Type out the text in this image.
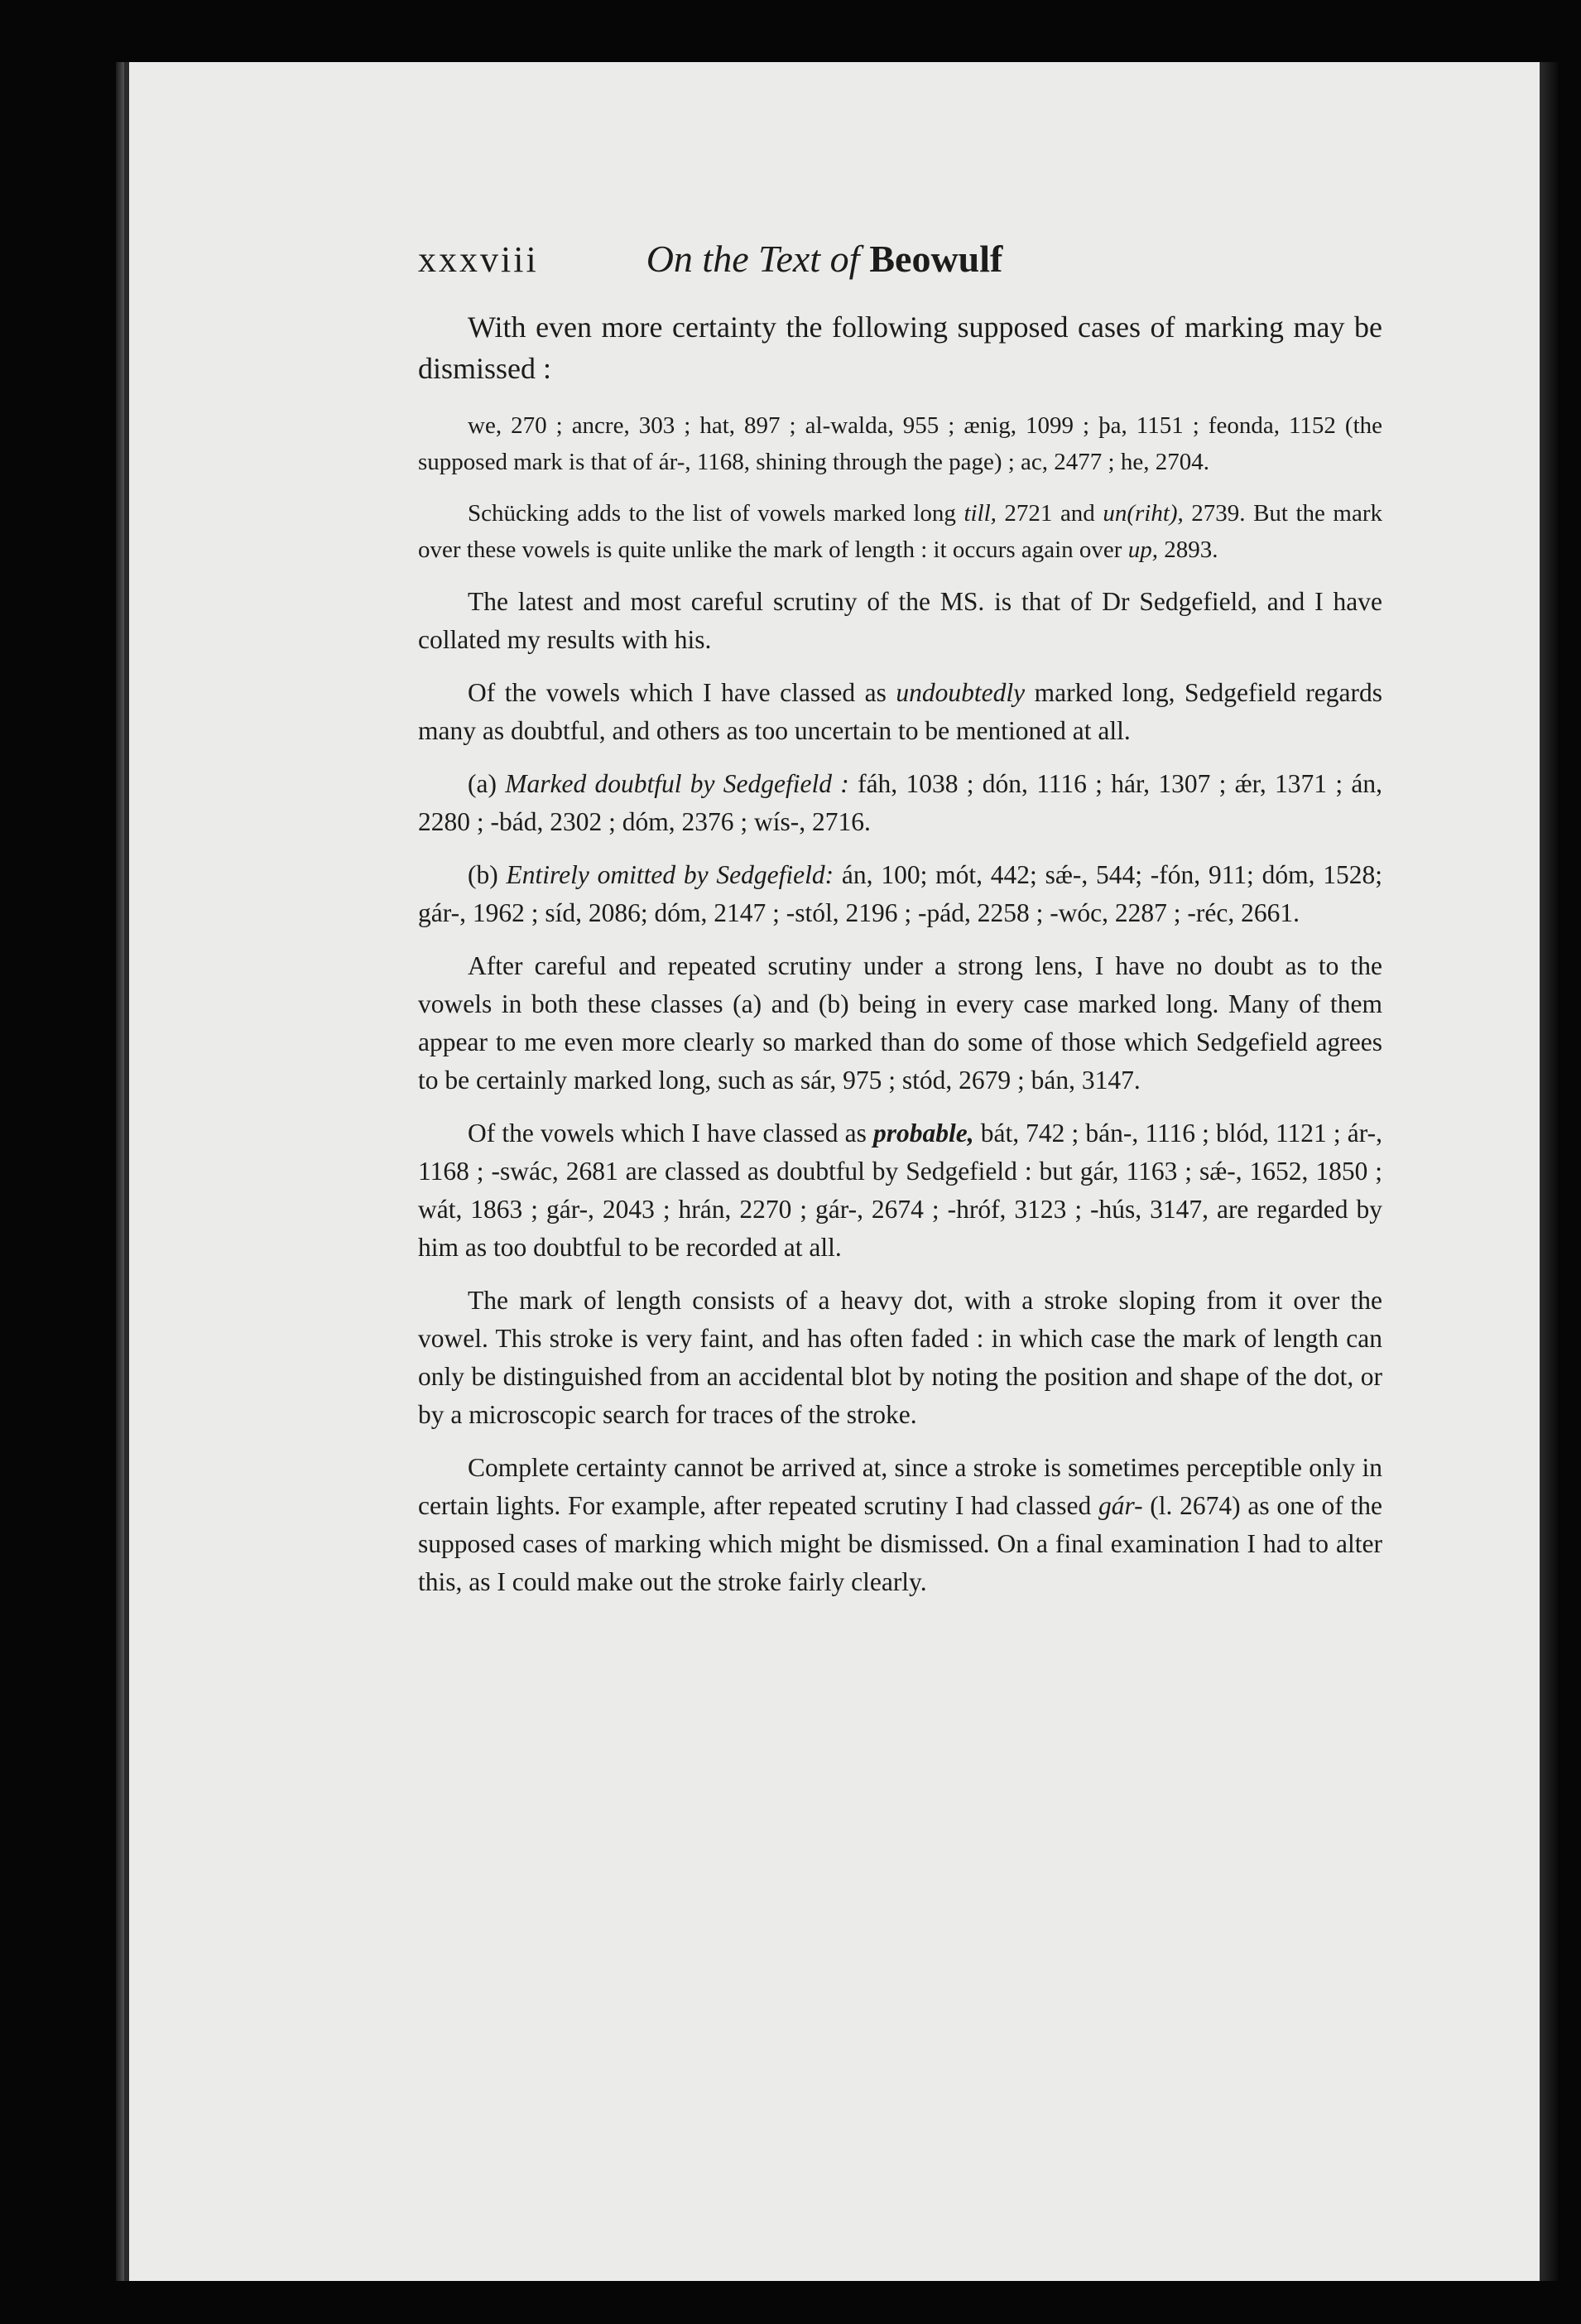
xxxviii	On the Text of Beowulf

With even more certainty the following supposed cases of marking may be dismissed :

we, 270 ; ancre, 303 ; hat, 897 ; al-walda, 955 ; ænig, 1099 ; þa, 1151 ; feonda, 1152 (the supposed mark is that of ár-, 1168, shining through the page) ; ac, 2477 ; he, 2704.

Schücking adds to the list of vowels marked long till, 2721 and un(riht), 2739. But the mark over these vowels is quite unlike the mark of length : it occurs again over up, 2893.

The latest and most careful scrutiny of the MS. is that of Dr Sedgefield, and I have collated my results with his.

Of the vowels which I have classed as undoubtedly marked long, Sedgefield regards many as doubtful, and others as too uncertain to be mentioned at all.

(a) Marked doubtful by Sedgefield : fáh, 1038 ; dón, 1116 ; hár, 1307 ; ǽr, 1371 ; án, 2280 ; -bád, 2302 ; dóm, 2376 ; wís-, 2716.

(b) Entirely omitted by Sedgefield: án, 100; mót, 442; sǽ-, 544; -fón, 911; dóm, 1528; gár-, 1962 ; síd, 2086; dóm, 2147 ; -stól, 2196 ; -pád, 2258 ; -wóc, 2287 ; -réc, 2661.

After careful and repeated scrutiny under a strong lens, I have no doubt as to the vowels in both these classes (a) and (b) being in every case marked long. Many of them appear to me even more clearly so marked than do some of those which Sedgefield agrees to be certainly marked long, such as sár, 975 ; stód, 2679 ; bán, 3147.

Of the vowels which I have classed as probable, bát, 742 ; bán-, 1116 ; blód, 1121 ; ár-, 1168 ; -swác, 2681 are classed as doubtful by Sedgefield : but gár, 1163 ; sǽ-, 1652, 1850 ; wát, 1863 ; gár-, 2043 ; hrán, 2270 ; gár-, 2674 ; -hróf, 3123 ; -hús, 3147, are regarded by him as too doubtful to be recorded at all.

The mark of length consists of a heavy dot, with a stroke sloping from it over the vowel. This stroke is very faint, and has often faded : in which case the mark of length can only be distinguished from an accidental blot by noting the position and shape of the dot, or by a microscopic search for traces of the stroke.

Complete certainty cannot be arrived at, since a stroke is sometimes perceptible only in certain lights. For example, after repeated scrutiny I had classed gár- (l. 2674) as one of the supposed cases of marking which might be dismissed. On a final examination I had to alter this, as I could make out the stroke fairly clearly.
